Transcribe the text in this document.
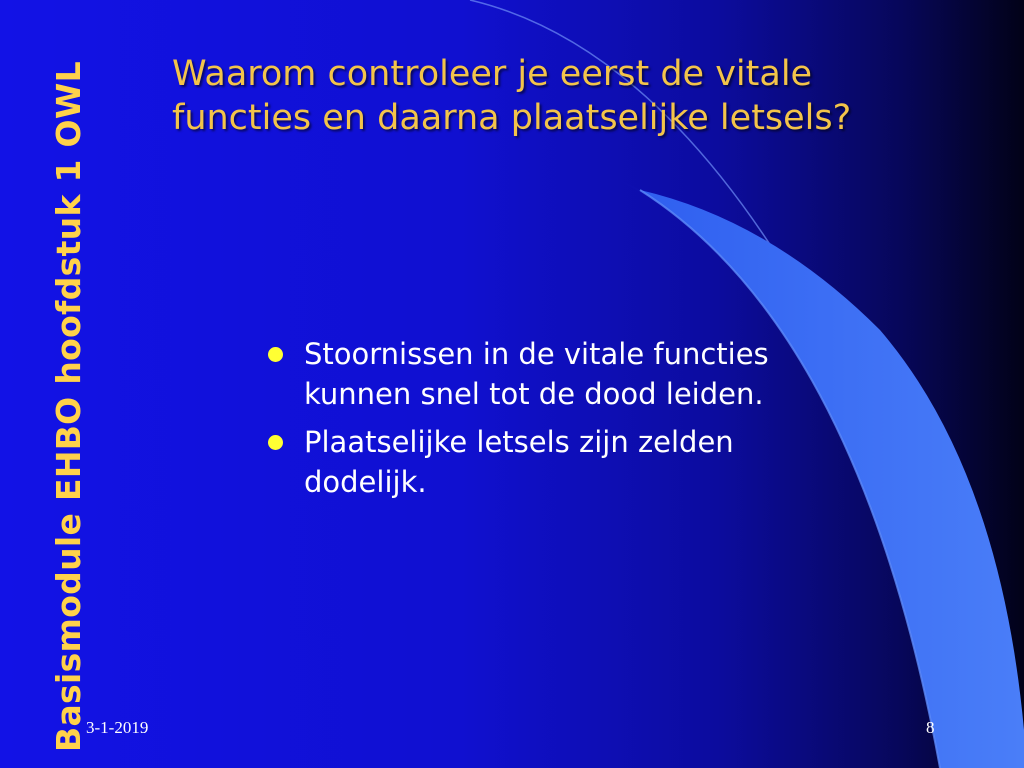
Basismodule EHBO hoofdstuk 1 OWL Waarom controleer je eerst de vitale
functies en daarna plaatselijke letsels?
Stoornissen in de vitale functies
kunnen snel tot de dood leiden.
Plaatselijke letsels zijn zelden
dodelijk.
3-1-2019	8
